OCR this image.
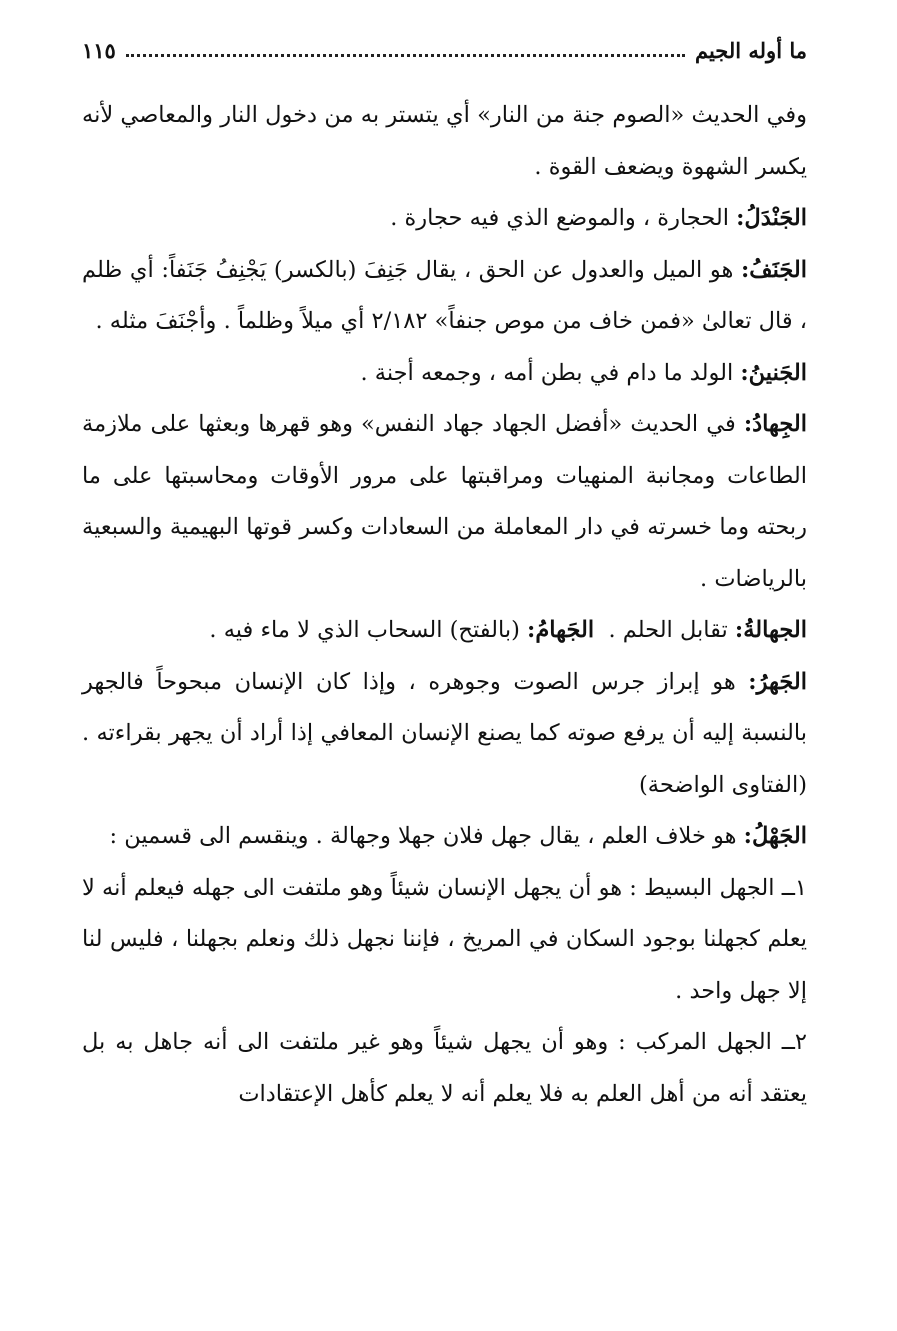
ما أوله الجيم
١١٥

وفي الحديث «الصوم جنة من النار» أي يتستر به من دخول النار والمعاصي لأنه يكسر الشهوة ويضعف القوة .

الجَنْدَلُ: الحجارة ، والموضع الذي فيه حجارة .

الجَنَفُ: هو الميل والعدول عن الحق ، يقال جَنِفَ (بالكسر) يَجْنِفُ جَنَفاً: أي ظلم ، قال تعالىٰ «فمن خاف من موص جنفاً» ٢/١٨٢ أي ميلاً وظلماً . وأجْنَفَ مثله .

الجَنينُ: الولد ما دام في بطن أمه ، وجمعه أجنة .

الجِهادُ: في الحديث «أفضل الجهاد جهاد النفس» وهو قهرها وبعثها على ملازمة الطاعات ومجانبة المنهيات ومراقبتها على مرور الأوقات ومحاسبتها على ما ربحته وما خسرته في دار المعاملة من السعادات وكسر قوتها البهيمية والسبعية بالرياضات .

الجهالةُ: تقابل الحلم .  الجَهامُ: (بالفتح) السحاب الذي لا ماء فيه .

الجَهرُ: هو إبراز جرس الصوت وجوهره ، وإذا كان الإنسان مبحوحاً فالجهر بالنسبة إليه أن يرفع صوته كما يصنع الإنسان المعافي إذا أراد أن يجهر بقراءته . (الفتاوى الواضحة)

الجَهْلُ: هو خلاف العلم ، يقال جهل فلان جهلا وجهالة . وينقسم الى قسمين :

١ــ الجهل البسيط : هو أن يجهل الإنسان شيئاً وهو ملتفت الى جهله فيعلم أنه لا يعلم كجهلنا بوجود السكان في المريخ ، فإننا نجهل ذلك ونعلم بجهلنا ، فليس لنا إلا جهل واحد .

٢ــ الجهل المركب : وهو أن يجهل شيئاً وهو غير ملتفت الى أنه جاهل به بل يعتقد أنه من أهل العلم به فلا يعلم أنه لا يعلم كأهل الإعتقادات
